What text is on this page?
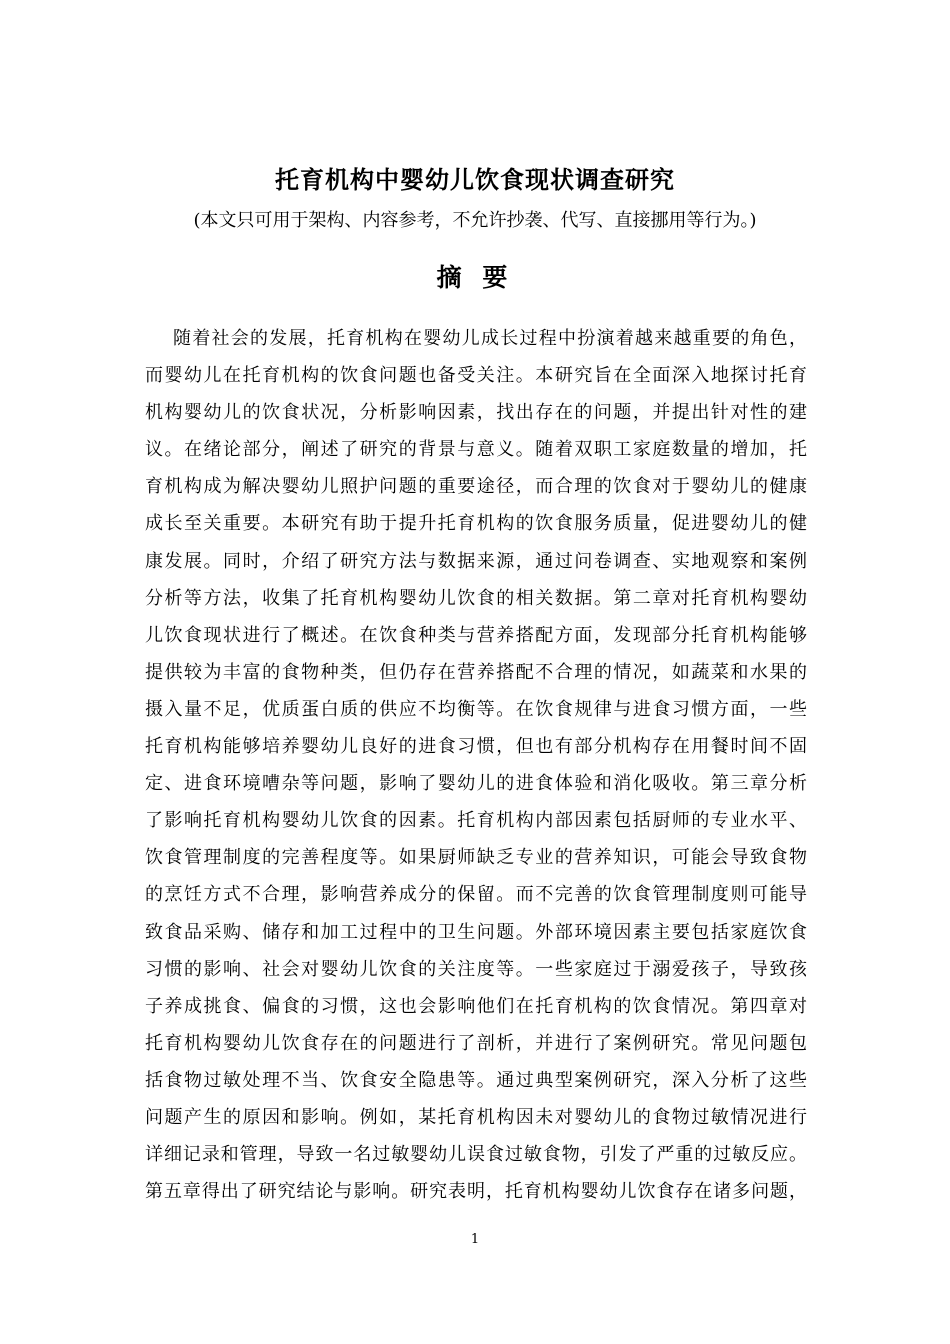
托育机构中婴幼儿饮食现状调查研究
(本文只可用于架构、内容参考，不允许抄袭、代写、直接挪用等行为。)
摘 要
随着社会的发展，托育机构在婴幼儿成长过程中扮演着越来越重要的角色，
而婴幼儿在托育机构的饮食问题也备受关注。本研究旨在全面深入地探讨托育
机构婴幼儿的饮食状况，分析影响因素，找出存在的问题，并提出针对性的建
议。在绪论部分，阐述了研究的背景与意义。随着双职工家庭数量的增加，托
育机构成为解决婴幼儿照护问题的重要途径，而合理的饮食对于婴幼儿的健康
成长至关重要。本研究有助于提升托育机构的饮食服务质量，促进婴幼儿的健
康发展。同时，介绍了研究方法与数据来源，通过问卷调查、实地观察和案例
分析等方法，收集了托育机构婴幼儿饮食的相关数据。第二章对托育机构婴幼
儿饮食现状进行了概述。在饮食种类与营养搭配方面，发现部分托育机构能够
提供较为丰富的食物种类，但仍存在营养搭配不合理的情况，如蔬菜和水果的
摄入量不足，优质蛋白质的供应不均衡等。在饮食规律与进食习惯方面，一些
托育机构能够培养婴幼儿良好的进食习惯，但也有部分机构存在用餐时间不固
定、进食环境嘈杂等问题，影响了婴幼儿的进食体验和消化吸收。第三章分析
了影响托育机构婴幼儿饮食的因素。托育机构内部因素包括厨师的专业水平、
饮食管理制度的完善程度等。如果厨师缺乏专业的营养知识，可能会导致食物
的烹饪方式不合理，影响营养成分的保留。而不完善的饮食管理制度则可能导
致食品采购、储存和加工过程中的卫生问题。外部环境因素主要包括家庭饮食
习惯的影响、社会对婴幼儿饮食的关注度等。一些家庭过于溺爱孩子，导致孩
子养成挑食、偏食的习惯，这也会影响他们在托育机构的饮食情况。第四章对
托育机构婴幼儿饮食存在的问题进行了剖析，并进行了案例研究。常见问题包
括食物过敏处理不当、饮食安全隐患等。通过典型案例研究，深入分析了这些
问题产生的原因和影响。例如，某托育机构因未对婴幼儿的食物过敏情况进行
详细记录和管理，导致一名过敏婴幼儿误食过敏食物，引发了严重的过敏反应。
第五章得出了研究结论与影响。研究表明，托育机构婴幼儿饮食存在诸多问题，
1
